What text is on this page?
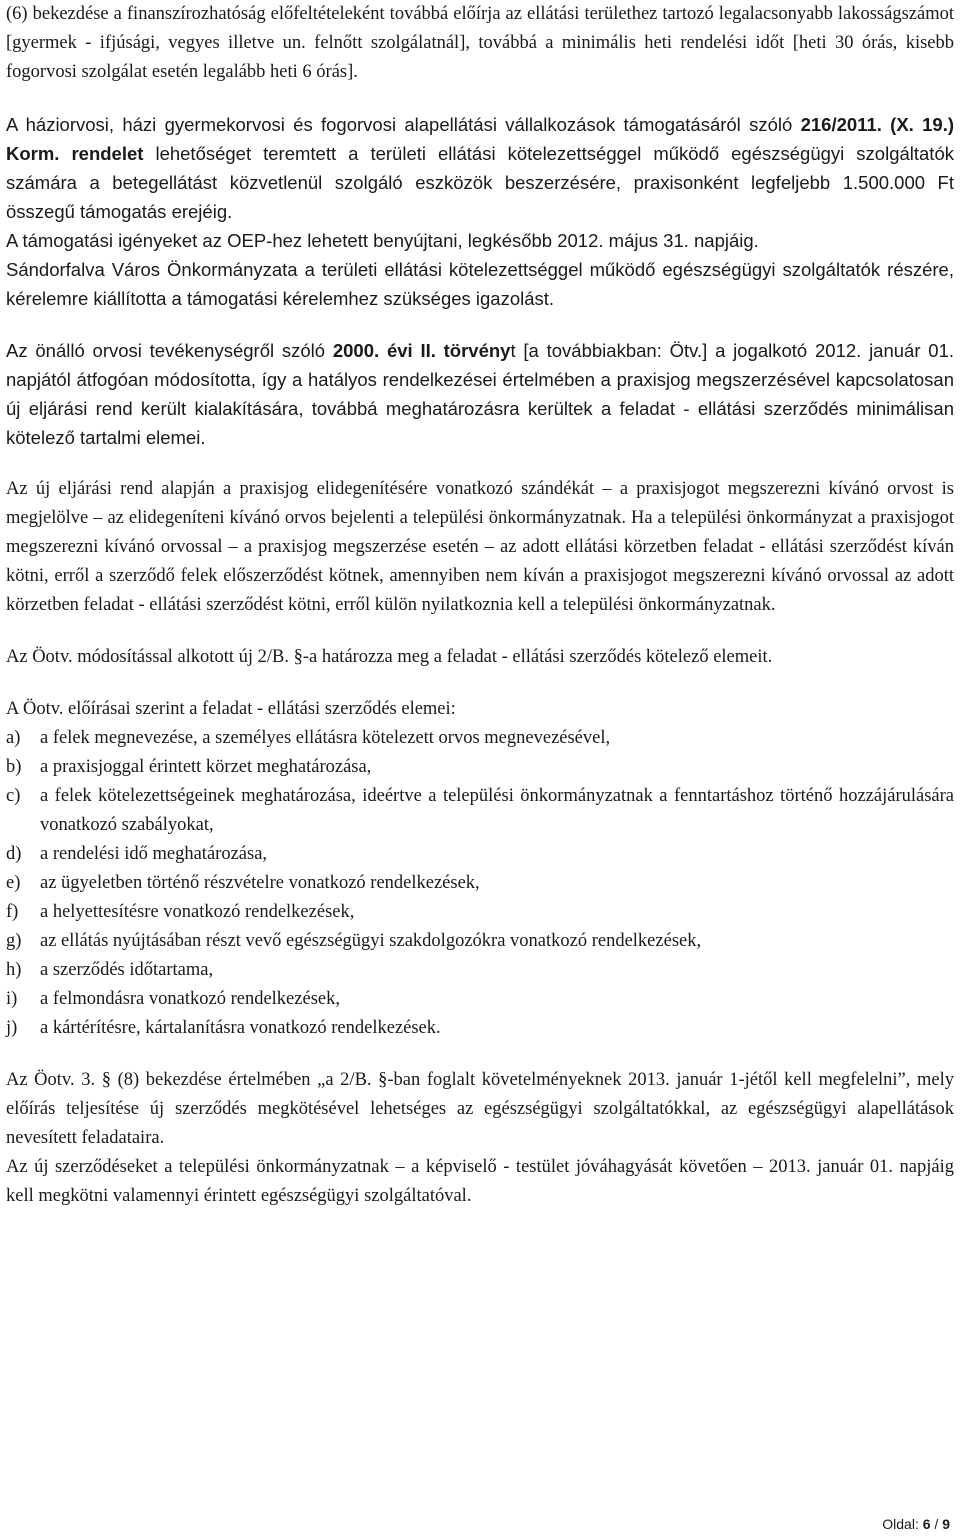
(6) bekezdése a finanszírozhatóság előfeltételeként továbbá előírja az ellátási területhez tartozó legalacsonyabb lakosságszámot [gyermek - ifjúsági, vegyes illetve un. felnőtt szolgálatnál], továbbá a minimális heti rendelési időt [heti 30 órás, kisebb fogorvosi szolgálat esetén legalább heti 6 órás].

A háziorvosi, házi gyermekorvosi és fogorvosi alapellátási vállalkozások támogatásáról szóló 216/2011. (X. 19.) Korm. rendelet lehetőséget teremtett a területi ellátási kötelezettséggel működő egészségügyi szolgáltatók számára a betegellátást közvetlenül szolgáló eszközök beszerzésére, praxisonként legfeljebb 1.500.000 Ft összegű támogatás erejéig.

A támogatási igényeket az OEP-hez lehetett benyújtani, legkésőbb 2012. május 31. napjáig.

Sándorfalva Város Önkormányzata a területi ellátási kötelezettséggel működő egészségügyi szolgáltatók részére, kérelemre kiállította a támogatási kérelemhez szükséges igazolást.

Az önálló orvosi tevékenységről szóló 2000. évi II. törvényt [a továbbiakban: Ötv.] a jogalkotó 2012. január 01. napjától átfogóan módosította, így a hatályos rendelkezései értelmében a praxisjog megszerzésével kapcsolatosan új eljárási rend került kialakítására, továbbá meghatározásra kerültek a feladat - ellátási szerződés minimálisan kötelező tartalmi elemei.

Az új eljárási rend alapján a praxisjog elidegenítésére vonatkozó szándékát – a praxisjogot megszerezni kívánó orvost is megjelölve – az elidegeníteni kívánó orvos bejelenti a települési önkormányzatnak. Ha a települési önkormányzat a praxisjogot megszerezni kívánó orvossal – a praxisjog megszerzése esetén – az adott ellátási körzetben feladat - ellátási szerződést kíván kötni, erről a szerződő felek előszerződést kötnek, amennyiben nem kíván a praxisjogot megszerezni kívánó orvossal az adott körzetben feladat - ellátási szerződést kötni, erről külön nyilatkoznia kell a települési önkormányzatnak.

Az Öotv. módosítással alkotott új 2/B. §-a határozza meg a feladat - ellátási szerződés kötelező elemeit.

A Öotv. előírásai szerint a feladat - ellátási szerződés elemei:

a) a felek megnevezése, a személyes ellátásra kötelezett orvos megnevezésével,
b) a praxisjoggal érintett körzet meghatározása,
c) a felek kötelezettségeinek meghatározása, ideértve a települési önkormányzatnak a fenntartáshoz történő hozzájárulására vonatkozó szabályokat,
d) a rendelési idő meghatározása,
e) az ügyeletben történő részvételre vonatkozó rendelkezések,
f) a helyettesítésre vonatkozó rendelkezések,
g) az ellátás nyújtásában részt vevő egészségügyi szakdolgozókra vonatkozó rendelkezések,
h) a szerződés időtartama,
i) a felmondásra vonatkozó rendelkezések,
j) a kártérítésre, kártalanításra vonatkozó rendelkezések.

Az Öotv. 3. § (8) bekezdése értelmében „a 2/B. §-ban foglalt követelményeknek 2013. január 1-jétől kell megfelelni”, mely előírás teljesítése új szerződés megkötésével lehetséges az egészségügyi szolgáltatókkal, az egészségügyi alapellátások nevesített feladataira.

Az új szerződéseket a települési önkormányzatnak – a képviselő - testület jóváhagyását követően – 2013. január 01. napjáig kell megkötni valamennyi érintett egészségügyi szolgáltatóval.

Oldal: 6 / 9
